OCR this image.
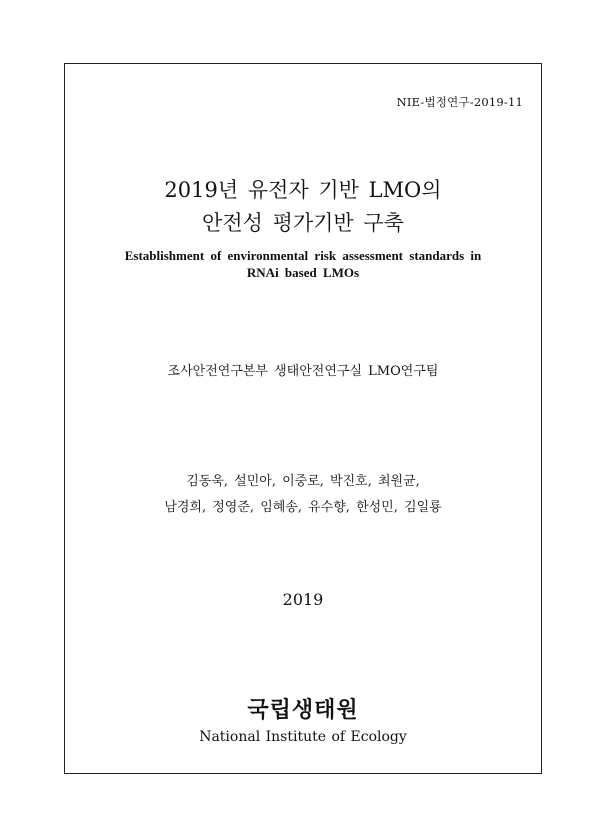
NIE-법정연구-2019-11
2019년 유전자 기반 LMO의
안전성 평가기반 구축
Establishment of environmental risk assessment standards in
RNAi based LMOs
조사안전연구본부 생태안전연구실 LMO연구팀
김동욱, 설민아, 이중로, 박진호, 최원균,
남경희, 정영준, 임혜송, 유수향, 한성민, 김일룡
2019
국립생태원
National Institute of Ecology
